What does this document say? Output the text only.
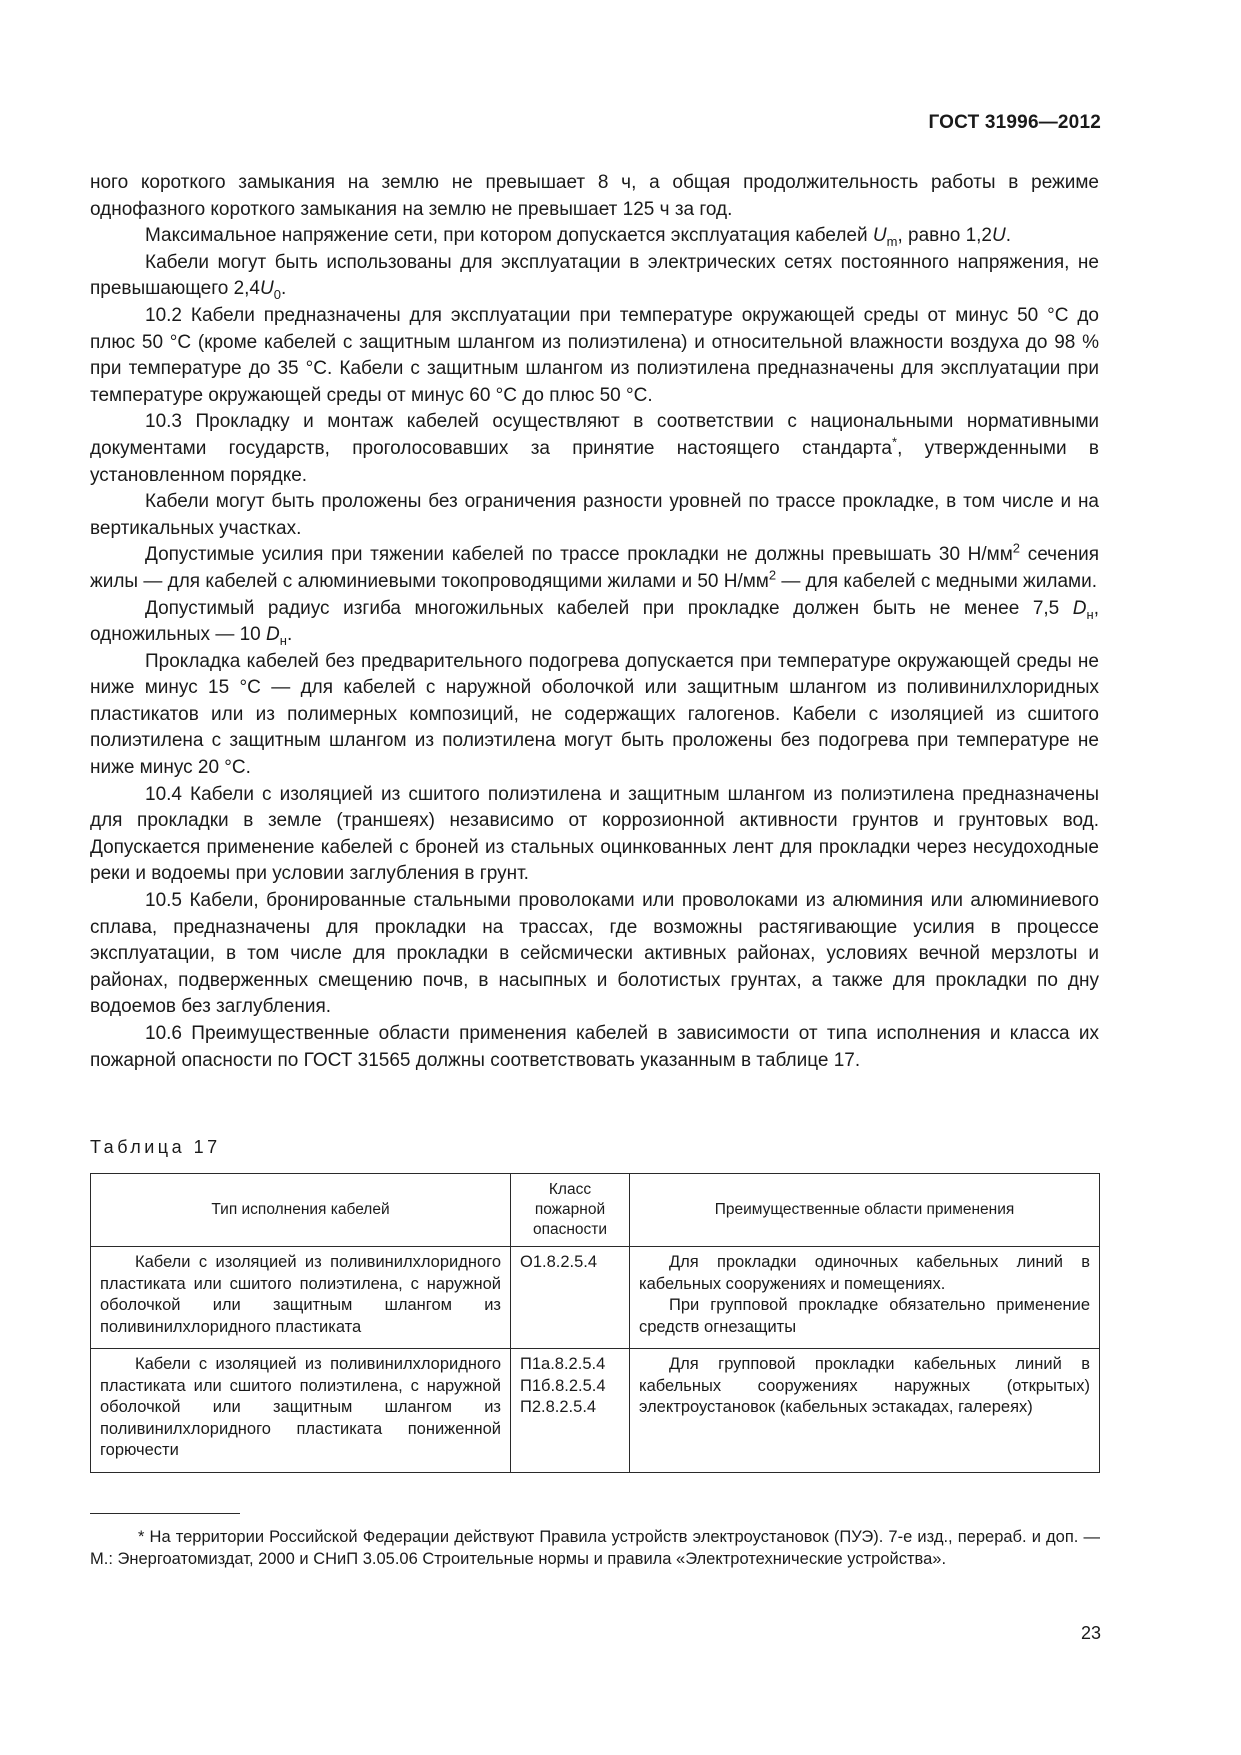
ГОСТ 31996—2012

ного короткого замыкания на землю не превышает 8 ч, а общая продолжительность работы в режиме однофазного короткого замыкания на землю не превышает 125 ч за год.

Максимальное напряжение сети, при котором допускается эксплуатация кабелей $U_m$, равно 1,2U.

Кабели могут быть использованы для эксплуатации в электрических сетях постоянного напряжения, не превышающего $2,4U_0$.

10.2 Кабели предназначены для эксплуатации при температуре окружающей среды от минус 50 °С до плюс 50 °С (кроме кабелей с защитным шлангом из полиэтилена) и относительной влажности воздуха до 98 % при температуре до 35 °С. Кабели с защитным шлангом из полиэтилена предназначены для эксплуатации при температуре окружающей среды от минус 60 °С до плюс 50 °С.

10.3 Прокладку и монтаж кабелей осуществляют в соответствии с национальными нормативными документами государств, проголосовавших за принятие настоящего стандарта*, утвержденными в установленном порядке.

Кабели могут быть проложены без ограничения разности уровней по трассе прокладке, в том числе и на вертикальных участках.

Допустимые усилия при тяжении кабелей по трассе прокладки не должны превышать 30 $Н/мм^2$ сечения жилы — для кабелей с алюминиевыми токопроводящими жилами и 50 $Н/мм^2$ — для кабелей с медными жилами.

Допустимый радиус изгиба многожильных кабелей при прокладке должен быть не менее 7,5 $D_н$, одножильных — 10 $D_н$.

Прокладка кабелей без предварительного подогрева допускается при температуре окружающей среды не ниже минус 15 °С — для кабелей с наружной оболочкой или защитным шлангом из поливинилхлоридных пластикатов или из полимерных композиций, не содержащих галогенов. Кабели с изоляцией из сшитого полиэтилена с защитным шлангом из полиэтилена могут быть проложены без подогрева при температуре не ниже минус 20 °С.

10.4 Кабели с изоляцией из сшитого полиэтилена и защитным шлангом из полиэтилена предназначены для прокладки в земле (траншеях) независимо от коррозионной активности грунтов и грунтовых вод. Допускается применение кабелей с броней из стальных оцинкованных лент для прокладки через несудоходные реки и водоемы при условии заглубления в грунт.

10.5 Кабели, бронированные стальными проволоками или проволоками из алюминия или алюминиевого сплава, предназначены для прокладки на трассах, где возможны растягивающие усилия в процессе эксплуатации, в том числе для прокладки в сейсмически активных районах, условиях вечной мерзлоты и районах, подверженных смещению почв, в насыпных и болотистых грунтах, а также для прокладки по дну водоемов без заглубления.

10.6 Преимущественные области применения кабелей в зависимости от типа исполнения и класса их пожарной опасности по ГОСТ 31565 должны соответствовать указанным в таблице 17.

Таблица 17
Тип исполнения кабелей	Класс пожарной опасности	Преимущественные области применения
Кабели с изоляцией из поливинилхлоридного пластиката или сшитого полиэтилена, с наружной оболочкой или защитным шлангом из поливинилхлоридного пластиката	О1.8.2.5.4	Для прокладки одиночных кабельных линий в кабельных сооружениях и помещениях.
При групповой прокладке обязательно применение средств огнезащиты

Кабели с изоляцией из поливинилхлоридного пластиката или сшитого полиэтилена, с наружной оболочкой или защитным шлангом из поливинилхлоридного пластиката пониженной горючести	П1а.8.2.5.4
П1б.8.2.5.4
П2.8.2.5.4	Для групповой прокладки кабельных линий в кабельных сооружениях наружных (открытых) электроустановок (кабельных эстакадах, галереях)
* На территории Российской Федерации действуют Правила устройств электроустановок (ПУЭ). 7-е изд., перераб. и доп. — М.: Энергоатомиздат, 2000 и СНиП 3.05.06 Строительные нормы и правила «Электротехнические устройства».
23
